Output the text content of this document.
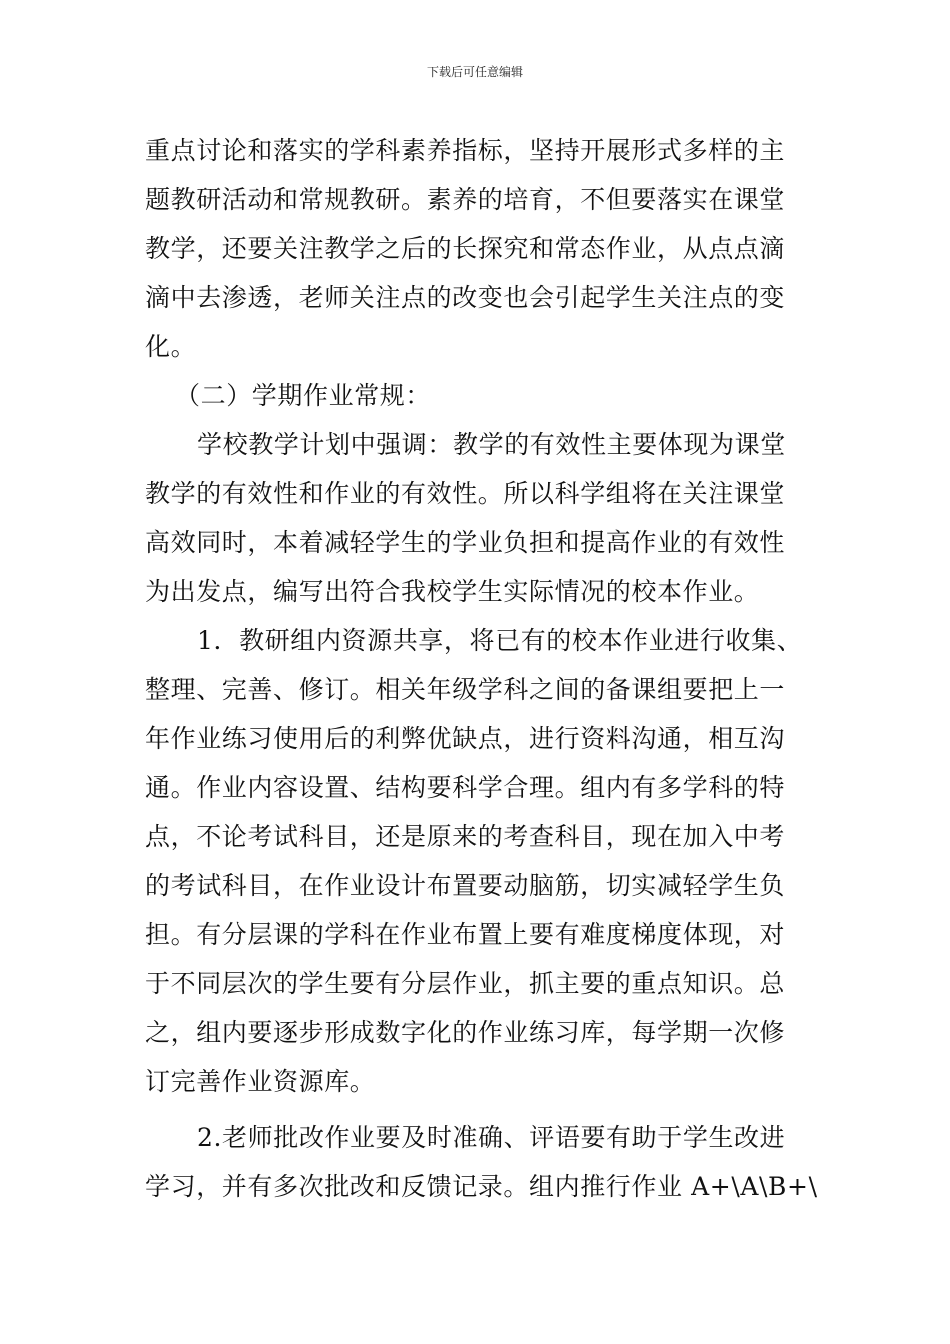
下载后可任意编辑
重点讨论和落实的学科素养指标，坚持开展形式多样的主
题教研活动和常规教研。素养的培育，不但要落实在课堂
教学，还要关注教学之后的长探究和常态作业，从点点滴
滴中去渗透，老师关注点的改变也会引起学生关注点的变
化。
（二）学期作业常规：
学校教学计划中强调：教学的有效性主要体现为课堂
教学的有效性和作业的有效性。所以科学组将在关注课堂
高效同时，本着减轻学生的学业负担和提高作业的有效性
为出发点，编写出符合我校学生实际情况的校本作业。
1．教研组内资源共享，将已有的校本作业进行收集、
整理、完善、修订。相关年级学科之间的备课组要把上一
年作业练习使用后的利弊优缺点，进行资料沟通，相互沟
通。作业内容设置、结构要科学合理。组内有多学科的特
点，不论考试科目，还是原来的考查科目，现在加入中考
的考试科目，在作业设计布置要动脑筋，切实减轻学生负
担。有分层课的学科在作业布置上要有难度梯度体现，对
于不同层次的学生要有分层作业，抓主要的重点知识。总
之，组内要逐步形成数字化的作业练习库，每学期一次修
订完善作业资源库。
2.老师批改作业要及时准确、评语要有助于学生改进
学习，并有多次批改和反馈记录。组内推行作业 A+\A\B+\
